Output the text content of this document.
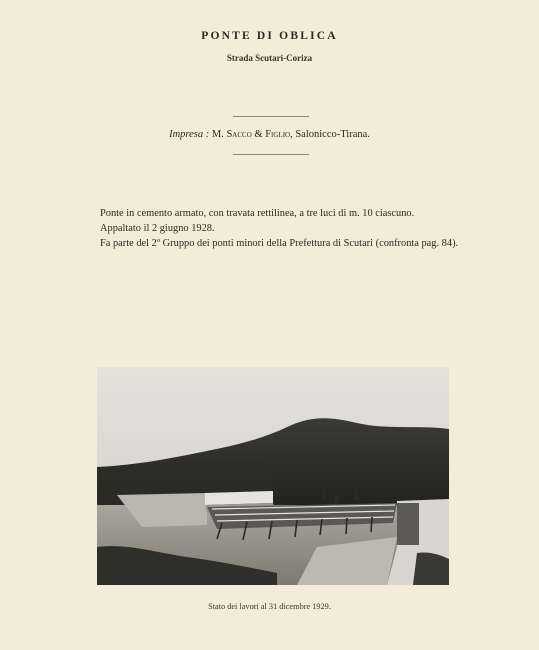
PONTE DI OBLICA
Strada Scutari-Coriza
Impresa : M. Sacco & Figlio, Salonicco-Tirana.

Ponte in cemento armato, con travata rettilinea, a tre luci di m. 10 ciascuno.

Appaltato il 2 giugno 1928.

Fa parte del 2º Gruppo dei ponti minori della Prefettura di Scutari (confronta pag. 84).

Stato dei lavori al 31 dicembre 1929.
